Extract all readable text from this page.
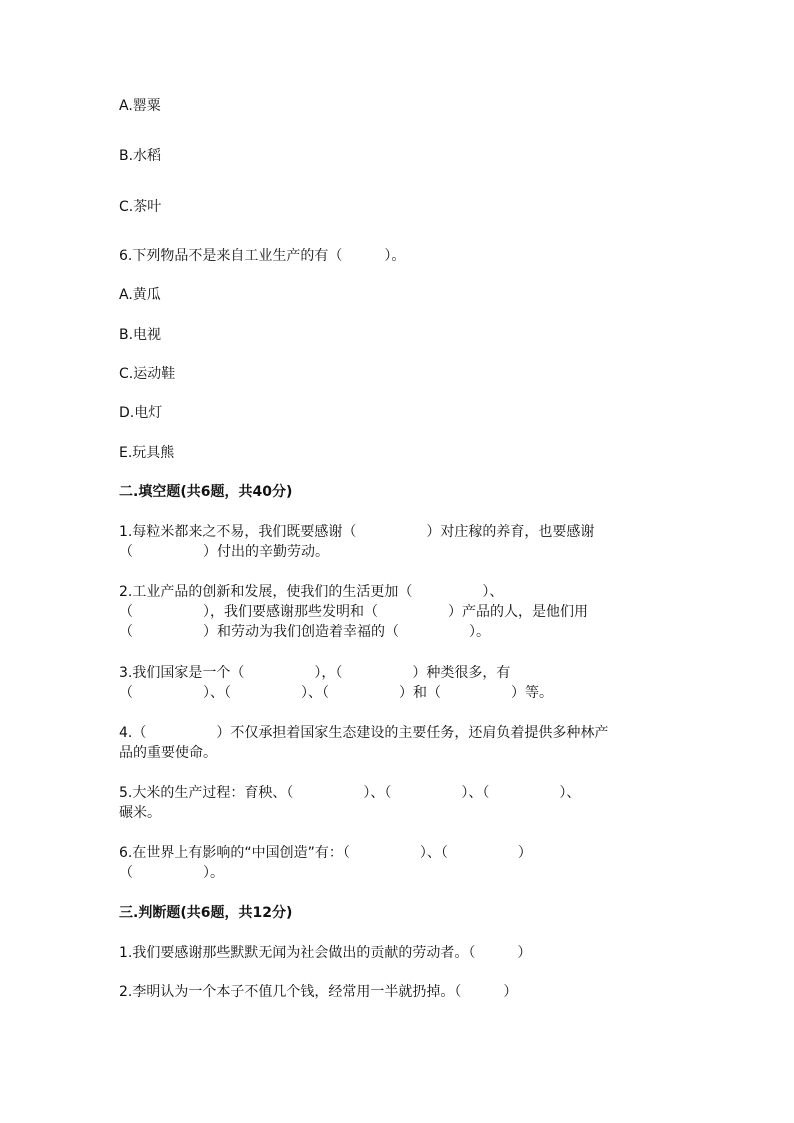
A.罂粟

B.水稻

C.茶叶

6.下列物品不是来自工业生产的有（　　　）。

A.黄瓜

B.电视

C.运动鞋

D.电灯

E.玩具熊

二.填空题(共6题，共40分)

1.每粒米都来之不易，我们既要感谢（　　　　　）对庄稼的养育，也要感谢

（　　　　　）付出的辛勤劳动。

2.工业产品的创新和发展，使我们的生活更加（　　　　　）、

（　　　　　），我们要感谢那些发明和（　　　　　）产品的人，是他们用

（　　　　　）和劳动为我们创造着幸福的（　　　　　）。

3.我们国家是一个（　　　　　），（　　　　　）种类很多，有

（　　　　　）、（　　　　　）、（　　　　　）和（　　　　　）等。

4.（　　　　　）不仅承担着国家生态建设的主要任务，还肩负着提供多种林产

品的重要使命。

5.大米的生产过程：育秧、（　　　　　）、（　　　　　）、（　　　　　）、

碾米。

6.在世界上有影响的“中国创造”有：（　　　　　）、（　　　　　）

（　　　　　）。

三.判断题(共6题，共12分)

1.我们要感谢那些默默无闻为社会做出的贡献的劳动者。（　　　）

2.李明认为一个本子不值几个钱，经常用一半就扔掉。（　　　）
